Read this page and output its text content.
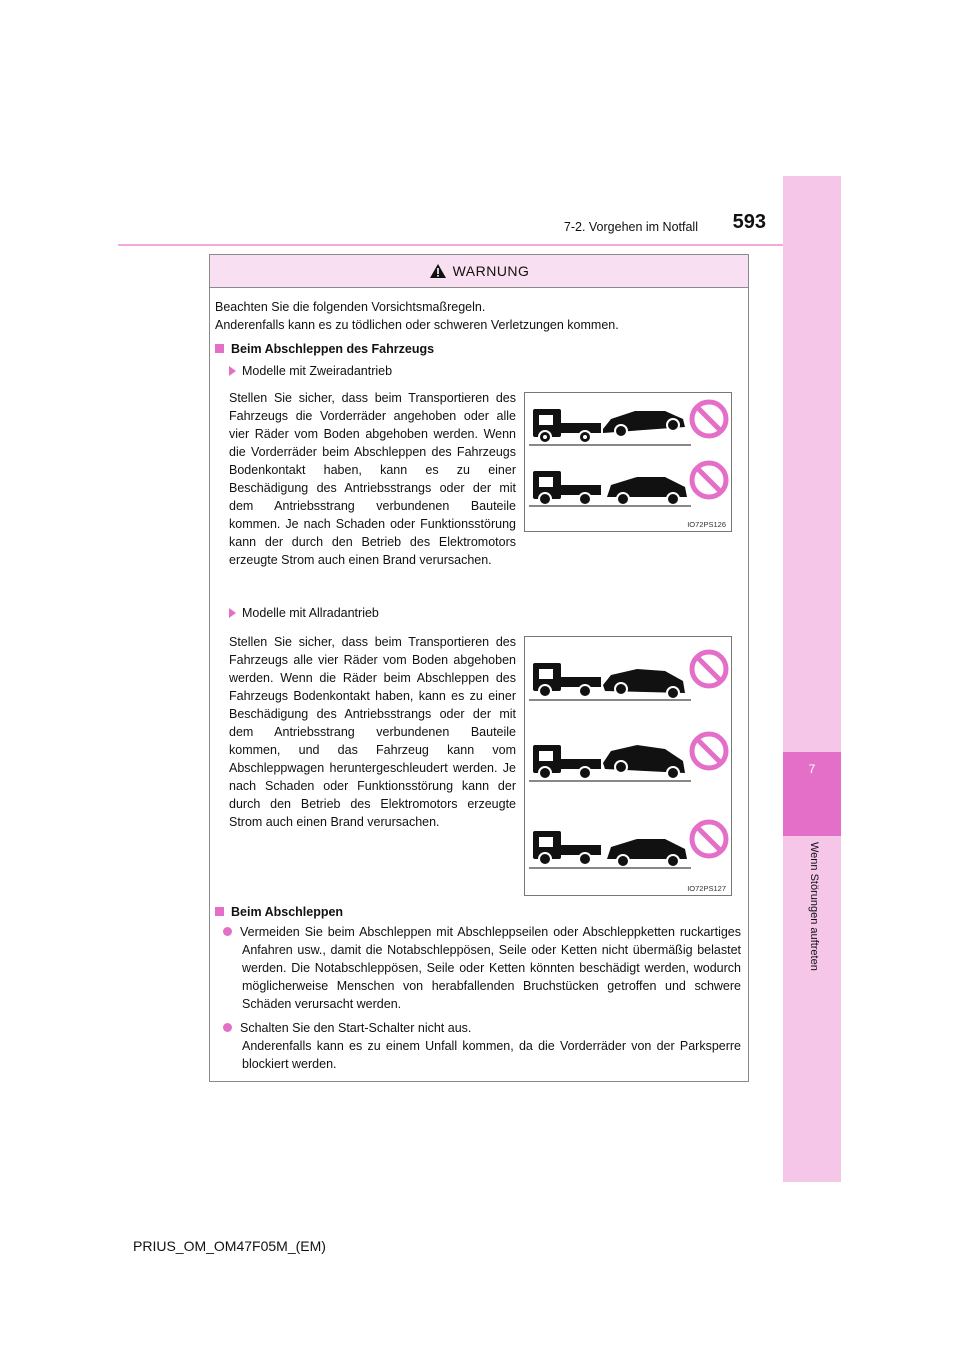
7
Wenn Störungen auftreten
593
7-2. Vorgehen im Notfall
WARNUNG
Beachten Sie die folgenden Vorsichtsmaßregeln.
Anderenfalls kann es zu tödlichen oder schweren Verletzungen kommen.
Beim Abschleppen des Fahrzeugs
Modelle mit Zweiradantrieb
Stellen Sie sicher, dass beim Transportieren des Fahrzeugs die Vorderräder angehoben oder alle vier Räder vom Boden abgehoben werden. Wenn die Vorderräder beim Abschleppen des Fahrzeugs Bodenkontakt haben, kann es zu einer Beschädigung des Antriebsstrangs oder der mit dem Antriebsstrang verbundenen Bauteile kommen. Je nach Schaden oder Funktionsstörung kann der durch den Betrieb des Elektromotors erzeugte Strom auch einen Brand verursachen.
IO72PS126
Modelle mit Allradantrieb
Stellen Sie sicher, dass beim Transportieren des Fahrzeugs alle vier Räder vom Boden abgehoben werden. Wenn die Räder beim Abschleppen des Fahrzeugs Bodenkontakt haben, kann es zu einer Beschädigung des Antriebsstrangs oder der mit dem Antriebsstrang verbundenen Bauteile kommen, und das Fahrzeug kann vom Abschleppwagen heruntergeschleudert werden. Je nach Schaden oder Funktionsstörung kann der durch den Betrieb des Elektromotors erzeugte Strom auch einen Brand verursachen.
IO72PS127
Beim Abschleppen
Vermeiden Sie beim Abschleppen mit Abschleppseilen oder Abschleppketten ruckartiges Anfahren usw., damit die Notabschleppösen, Seile oder Ketten nicht übermäßig belastet werden. Die Notabschleppösen, Seile oder Ketten könnten beschädigt werden, wodurch möglicherweise Menschen von herabfallenden Bruchstücken getroffen und schwere Schäden verursacht werden.
Schalten Sie den Start-Schalter nicht aus.
Anderenfalls kann es zu einem Unfall kommen, da die Vorderräder von der Parksperre blockiert werden.
PRIUS_OM_OM47F05M_(EM)
